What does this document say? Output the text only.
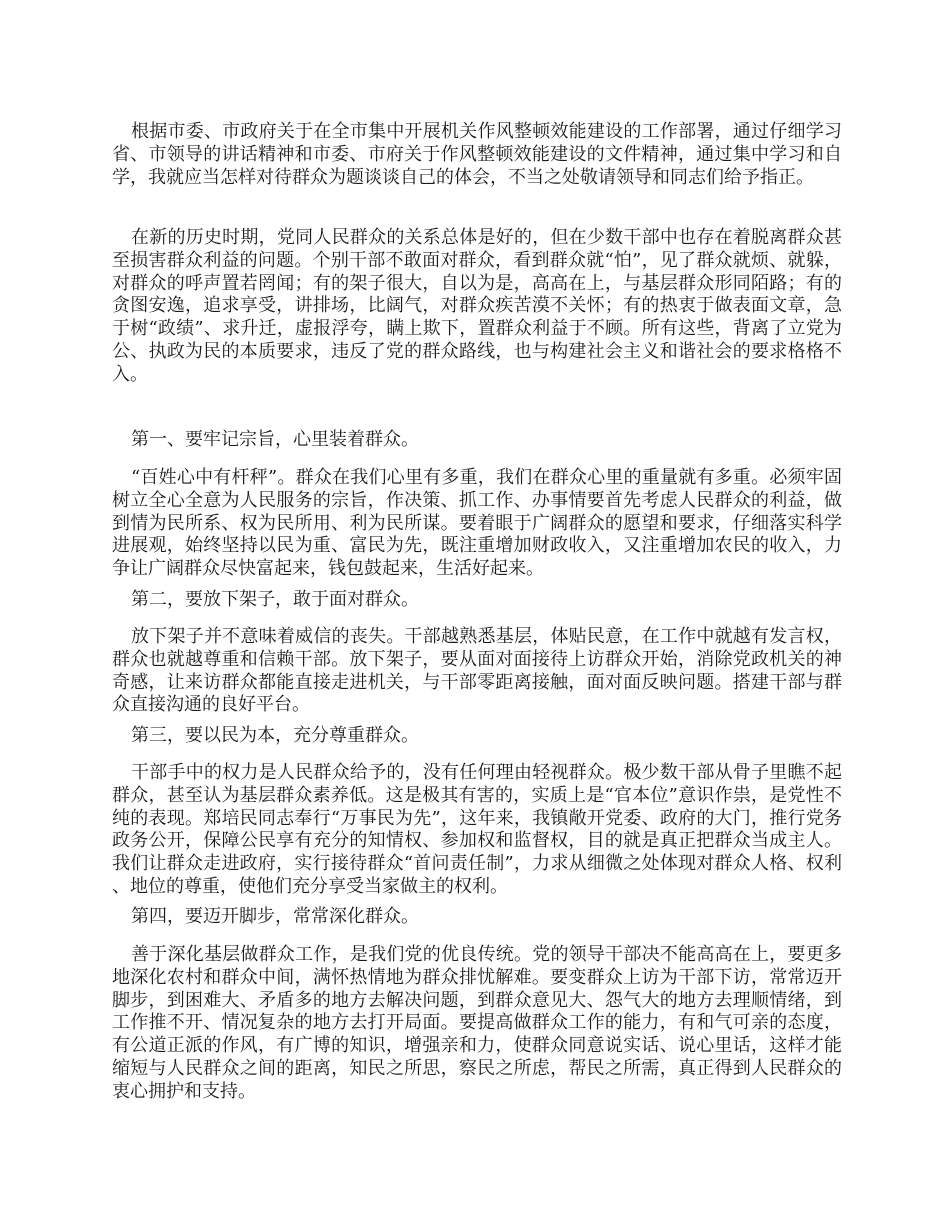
根据市委、市政府关于在全市集中开展机关作风整顿效能建设的工作部署，通过仔细学习省、市领导的讲话精神和市委、市府关于作风整顿效能建设的文件精神，通过集中学习和自学，我就应当怎样对待群众为题谈谈自己的体会，不当之处敬请领导和同志们给予指正。

在新的历史时期，党同人民群众的关系总体是好的，但在少数干部中也存在着脱离群众甚至损害群众利益的问题。个别干部不敢面对群众，看到群众就“怕”，见了群众就烦、就躲，对群众的呼声置若罔闻；有的架子很大，自以为是，高高在上，与基层群众形同陌路；有的贪图安逸，追求享受，讲排场，比阔气，对群众疾苦漠不关怀；有的热衷于做表面文章，急于树“政绩”、求升迁，虚报浮夸，瞒上欺下，置群众利益于不顾。所有这些，背离了立党为公、执政为民的本质要求，违反了党的群众路线，也与构建社会主义和谐社会的要求格格不入。

第一、要牢记宗旨，心里装着群众。

“百姓心中有杆秤”。群众在我们心里有多重，我们在群众心里的重量就有多重。必须牢固树立全心全意为人民服务的宗旨，作决策、抓工作、办事情要首先考虑人民群众的利益，做到情为民所系、权为民所用、利为民所谋。要着眼于广阔群众的愿望和要求，仔细落实科学进展观，始终坚持以民为重、富民为先，既注重增加财政收入，又注重增加农民的收入，力争让广阔群众尽快富起来，钱包鼓起来，生活好起来。

第二，要放下架子，敢于面对群众。

放下架子并不意味着威信的丧失。干部越熟悉基层，体贴民意，在工作中就越有发言权，群众也就越尊重和信赖干部。放下架子，要从面对面接待上访群众开始，消除党政机关的神奇感，让来访群众都能直接走进机关，与干部零距离接触，面对面反映问题。搭建干部与群众直接沟通的良好平台。

第三，要以民为本，充分尊重群众。

干部手中的权力是人民群众给予的，没有任何理由轻视群众。极少数干部从骨子里瞧不起群众，甚至认为基层群众素养低。这是极其有害的，实质上是“官本位”意识作祟，是党性不纯的表现。郑培民同志奉行“万事民为先”，这年来，我镇敞开党委、政府的大门，推行党务政务公开，保障公民享有充分的知情权、参加权和监督权，目的就是真正把群众当成主人。我们让群众走进政府，实行接待群众“首问责任制”，力求从细微之处体现对群众人格、权利、地位的尊重，使他们充分享受当家做主的权利。

第四，要迈开脚步，常常深化群众。

善于深化基层做群众工作，是我们党的优良传统。党的领导干部决不能高高在上，要更多地深化农村和群众中间，满怀热情地为群众排忧解难。要变群众上访为干部下访，常常迈开脚步，到困难大、矛盾多的地方去解决问题，到群众意见大、怨气大的地方去理顺情绪，到工作推不开、情况复杂的地方去打开局面。要提高做群众工作的能力，有和气可亲的态度，有公道正派的作风，有广博的知识，增强亲和力，使群众同意说实话、说心里话，这样才能缩短与人民群众之间的距离，知民之所思，察民之所虑，帮民之所需，真正得到人民群众的衷心拥护和支持。
